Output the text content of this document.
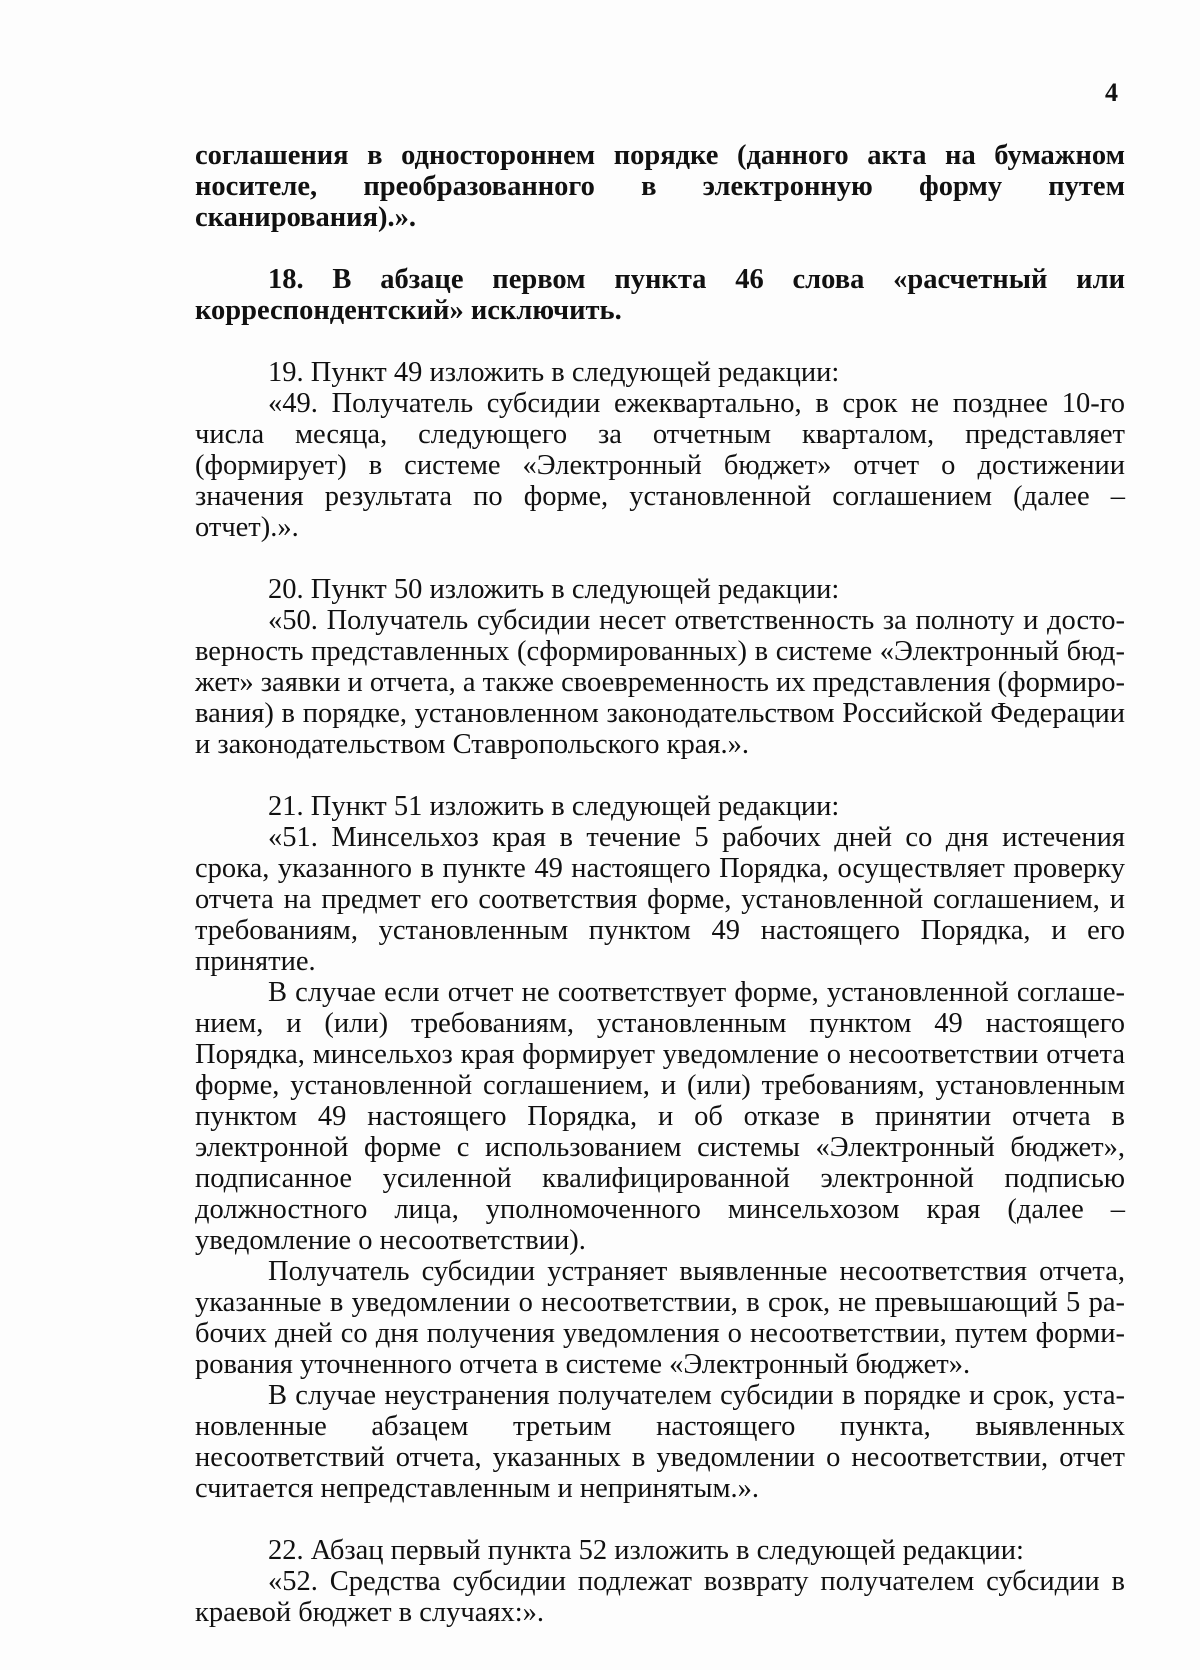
4

соглашения в одностороннем порядке (данного акта на бумажном носителе, преобразованного в электронную форму путем сканирования).».

18. В абзаце первом пункта 46 слова «расчетный или корреспондентский» исключить.

19. Пункт 49 изложить в следующей редакции:

«49. Получатель субсидии ежеквартально, в срок не позднее 10-го числа месяца, следующего за отчетным кварталом, представляет (формирует) в системе «Электронный бюджет» отчет о достижении значения результата по форме, установленной соглашением (далее – отчет).».

20. Пункт 50 изложить в следующей редакции:

«50. Получатель субсидии несет ответственность за полноту и достоверность представленных (сформированных) в системе «Электронный бюджет» заявки и отчета, а также своевременность их представления (формирования) в порядке, установленном законодательством Российской Федерации и законодательством Ставропольского края.».

21. Пункт 51 изложить в следующей редакции:

«51. Минсельхоз края в течение 5 рабочих дней со дня истечения срока, указанного в пункте 49 настоящего Порядка, осуществляет проверку отчета на предмет его соответствия форме, установленной соглашением, и требованиям, установленным пунктом 49 настоящего Порядка, и его принятие.

В случае если отчет не соответствует форме, установленной соглашением, и (или) требованиям, установленным пунктом 49 настоящего Порядка, минсельхоз края формирует уведомление о несоответствии отчета форме, установленной соглашением, и (или) требованиям, установленным пунктом 49 настоящего Порядка, и об отказе в принятии отчета в электронной форме с использованием системы «Электронный бюджет», подписанное усиленной квалифицированной электронной подписью должностного лица, уполномоченного минсельхозом края (далее – уведомление о несоответствии).

Получатель субсидии устраняет выявленные несоответствия отчета, указанные в уведомлении о несоответствии, в срок, не превышающий 5 рабочих дней со дня получения уведомления о несоответствии, путем формирования уточненного отчета в системе «Электронный бюджет».

В случае неустранения получателем субсидии в порядке и срок, установленные абзацем третьим настоящего пункта, выявленных несоответствий отчета, указанных в уведомлении о несоответствии, отчет считается непредставленным и непринятым.».

22. Абзац первый пункта 52 изложить в следующей редакции:

«52. Средства субсидии подлежат возврату получателем субсидии в краевой бюджет в случаях:».
